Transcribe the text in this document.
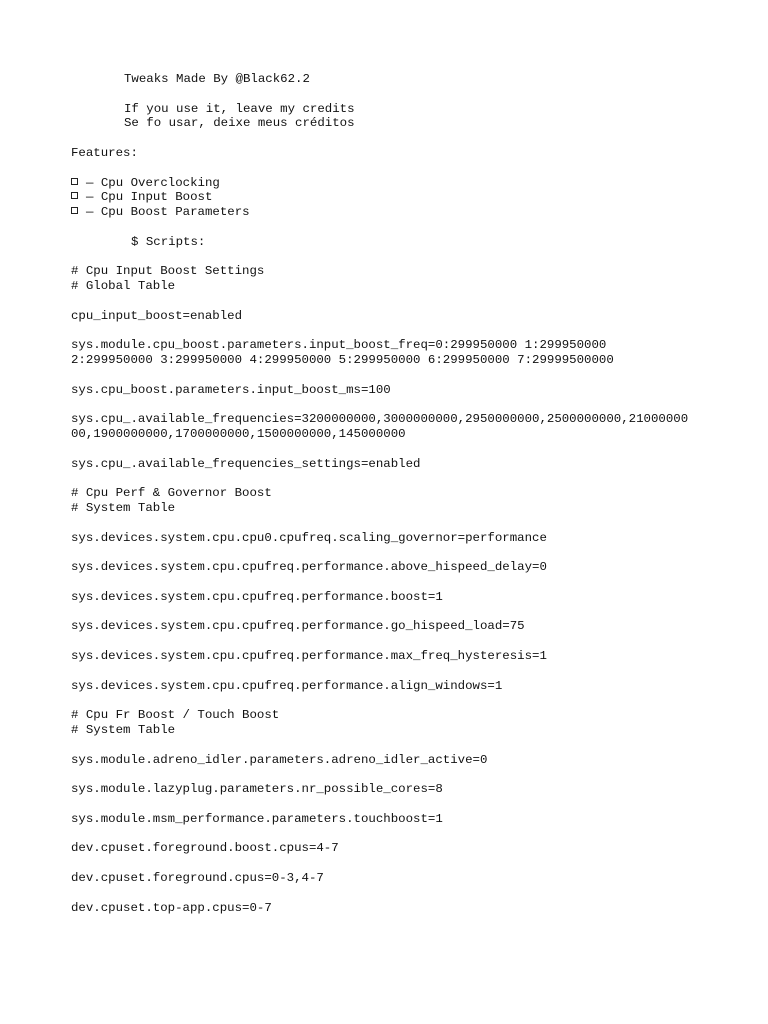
Tweaks Made By @Black62.2
If you use it, leave my credits
Se fo usar, deixe meus créditos
Features:
— Cpu Overclocking
— Cpu Input Boost
— Cpu Boost Parameters
$ Scripts:
# Cpu Input Boost Settings
# Global Table
cpu_input_boost=enabled
sys.module.cpu_boost.parameters.input_boost_freq=0:299950000 1:299950000
2:299950000 3:299950000 4:299950000 5:299950000 6:299950000 7:29999500000
sys.cpu_boost.parameters.input_boost_ms=100
sys.cpu_.available_frequencies=3200000000,3000000000,2950000000,2500000000,21000000
00,1900000000,1700000000,1500000000,145000000
sys.cpu_.available_frequencies_settings=enabled
# Cpu Perf & Governor Boost
# System Table
sys.devices.system.cpu.cpu0.cpufreq.scaling_governor=performance
sys.devices.system.cpu.cpufreq.performance.above_hispeed_delay=0
sys.devices.system.cpu.cpufreq.performance.boost=1
sys.devices.system.cpu.cpufreq.performance.go_hispeed_load=75
sys.devices.system.cpu.cpufreq.performance.max_freq_hysteresis=1
sys.devices.system.cpu.cpufreq.performance.align_windows=1
# Cpu Fr Boost / Touch Boost
# System Table
sys.module.adreno_idler.parameters.adreno_idler_active=0
sys.module.lazyplug.parameters.nr_possible_cores=8
sys.module.msm_performance.parameters.touchboost=1
dev.cpuset.foreground.boost.cpus=4-7
dev.cpuset.foreground.cpus=0-3,4-7
dev.cpuset.top-app.cpus=0-7
